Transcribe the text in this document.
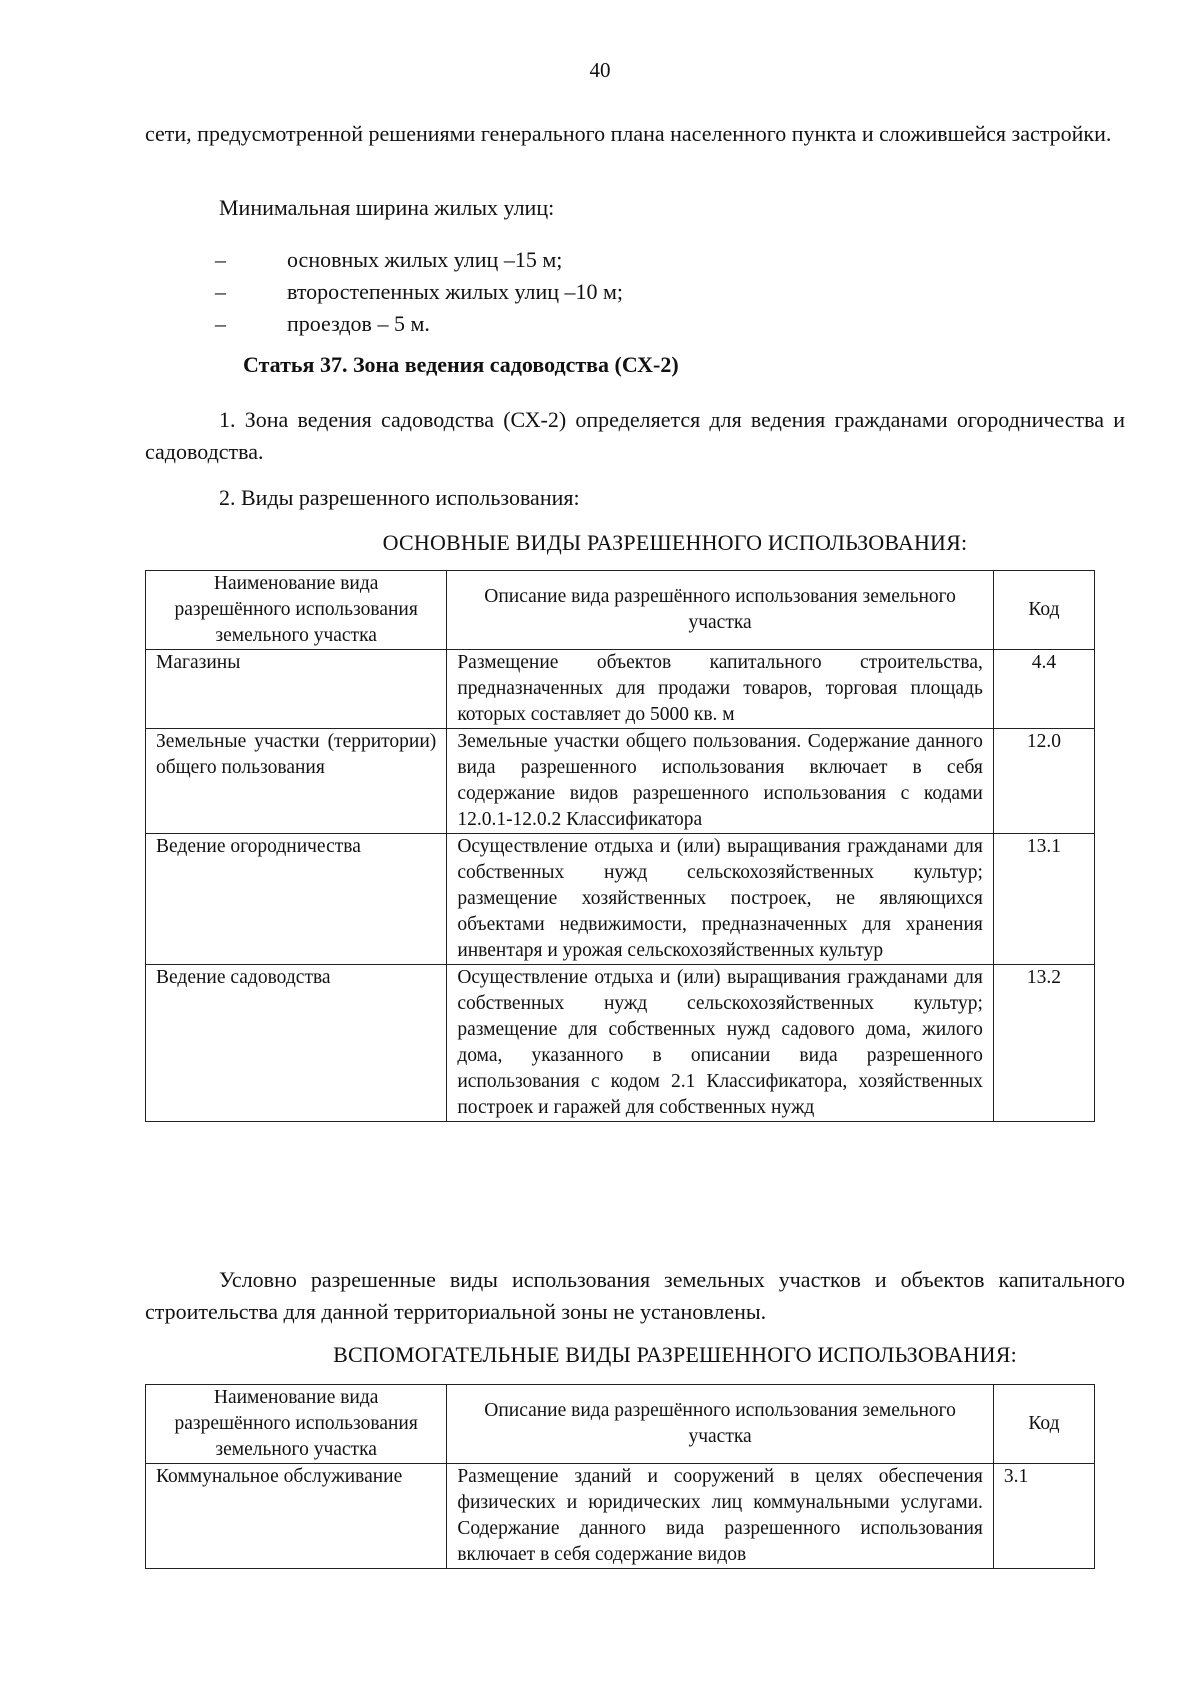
40

сети, предусмотренной решениями генерального плана населенного пункта и сложившейся застройки.

Минимальная ширина жилых улиц:

–	основных жилых улиц –15 м;
–	второстепенных жилых улиц –10 м;
–	проездов – 5 м.
Статья 37. Зона ведения садоводства (СХ-2)

1. Зона ведения садоводства (СХ-2) определяется для ведения гражданами огородничества и садоводства.

2. Виды разрешенного использования:

ОСНОВНЫЕ ВИДЫ РАЗРЕШЕННОГО ИСПОЛЬЗОВАНИЯ:
Наименование вида разрешённого использования земельного участка	Описание вида разрешённого использования земельного участка	Код
Магазины	Размещение объектов капитального строительства, предназначенных для продажи товаров, торговая площадь которых составляет до 5000 кв. м	4.4
Земельные участки (территории) общего пользования	Земельные участки общего пользования. Содержание данного вида разрешенного использования включает в себя содержание видов разрешенного использования с кодами 12.0.1-12.0.2 Классификатора	12.0
Ведение огородничества	Осуществление отдыха и (или) выращивания гражданами для собственных нужд сельскохозяйственных культур; размещение хозяйственных построек, не являющихся объектами недвижимости, предназначенных для хранения инвентаря и урожая сельскохозяйственных культур	13.1
Ведение садоводства	Осуществление отдыха и (или) выращивания гражданами для собственных нужд сельскохозяйственных культур; размещение для собственных нужд садового дома, жилого дома, указанного в описании вида разрешенного использования с кодом 2.1 Классификатора, хозяйственных построек и гаражей для собственных нужд	13.2

Условно разрешенные виды использования земельных участков и объектов капитального строительства для данной территориальной зоны не установлены.

ВСПОМОГАТЕЛЬНЫЕ ВИДЫ РАЗРЕШЕННОГО ИСПОЛЬЗОВАНИЯ:
Наименование вида разрешённого использования земельного участка	Описание вида разрешённого использования земельного участка	Код
Коммунальное обслуживание	Размещение зданий и сооружений в целях обеспечения физических и юридических лиц коммунальными услугами. Содержание данного вида разрешенного использования включает в себя содержание видов	3.1
